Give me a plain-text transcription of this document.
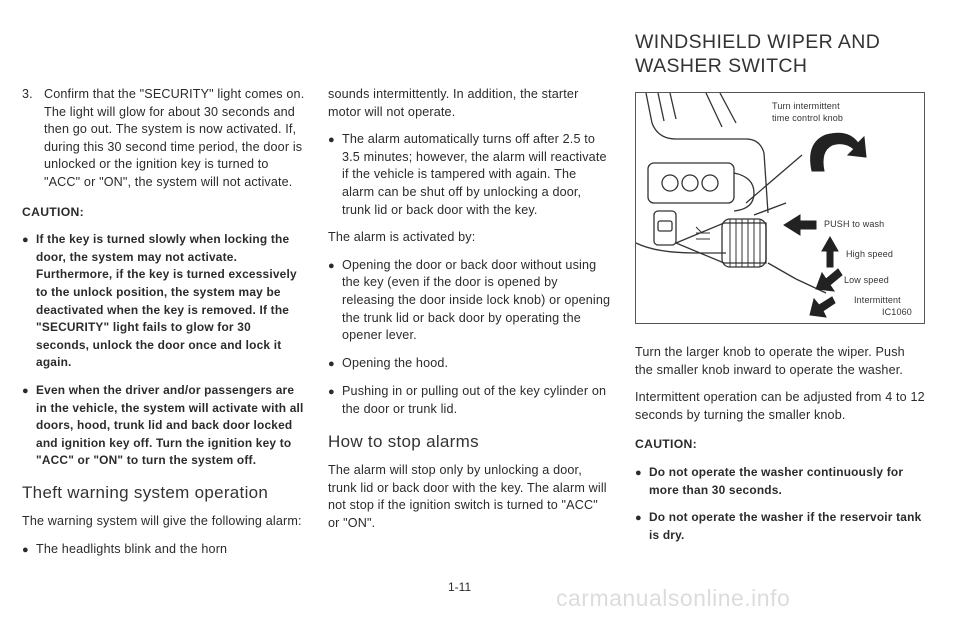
3. Confirm that the "SECURITY" light comes on. The light will glow for about 30 seconds and then go out. The system is now activated. If, during this 30 second time period, the door is unlocked or the ignition key is turned to "ACC" or "ON", the system will not activate.
CAUTION:
● If the key is turned slowly when locking the door, the system may not activate. Furthermore, if the key is turned excessively to the unlock position, the system may be deactivated when the key is removed. If the "SECURITY" light fails to glow for 30 seconds, unlock the door once and lock it again.
● Even when the driver and/or passengers are in the vehicle, the system will activate with all doors, hood, trunk lid and back door locked and ignition key off. Turn the ignition key to "ACC" or "ON" to turn the system off.
Theft warning system operation

The warning system will give the following alarm:

● The headlights blink and the horn

sounds intermittently. In addition, the starter motor will not operate.

● The alarm automatically turns off after 2.5 to 3.5 minutes; however, the alarm will reactivate if the vehicle is tampered with again. The alarm can be shut off by unlocking a door, trunk lid or back door with the key.

The alarm is activated by:

● Opening the door or back door without using the key (even if the door is opened by releasing the door inside lock knob) or opening the trunk lid or back door by operating the opener lever.
● Opening the hood.
● Pushing in or pulling out of the key cylinder on the door or trunk lid.
How to stop alarms

The alarm will stop only by unlocking a door, trunk lid or back door with the key. The alarm will not stop if the ignition switch is turned to "ACC" or "ON".

WINDSHIELD WIPER AND WASHER SWITCH
Turn intermittent
time control knob
PUSH to wash
High speed
Low speed
Intermittent
IC1060

Turn the larger knob to operate the wiper. Push the smaller knob inward to operate the washer.

Intermittent operation can be adjusted from 4 to 12 seconds by turning the smaller knob.

CAUTION:
● Do not operate the washer continuously for more than 30 seconds.
● Do not operate the washer if the reservoir tank is dry.
1-11	carmanualsonline.info
